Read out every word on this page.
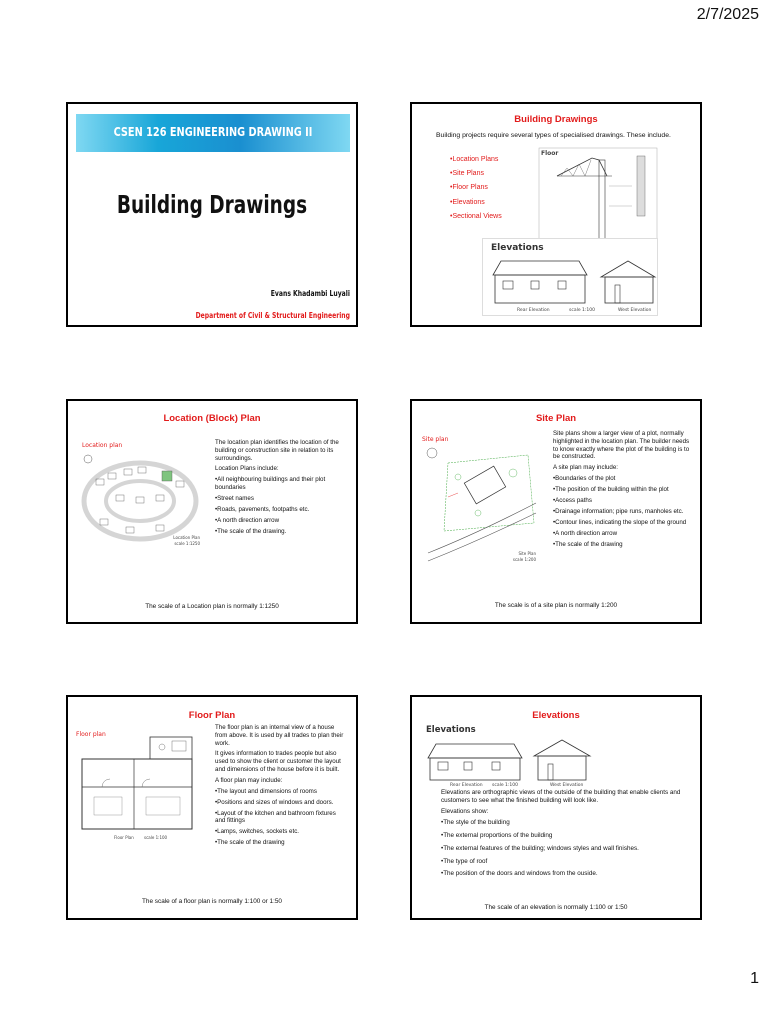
2/7/2025
CSEN 126 ENGINEERING DRAWING II
Building Drawings
Evans Khadambi Luyali
Department of Civil & Structural Engineering
Building Drawings
Building projects require several types of specialised drawings. These include.
•Location Plans
•Site Plans
•Floor Plans
•Elevations
•Sectional Views
Floor
Elevations
Rear Elevation	scale 1:100	West Elevation
Location (Block) Plan
Location plan
Location Plan
scale 1:1250

The location plan identifies the location of the building or construction site in relation to its surroundings.

Location Plans include:

•All neighbouring buildings and their plot boundaries

•Street names

•Roads, pavements, footpaths etc.

•A north direction arrow

•The scale of the drawing.

The scale of a Location plan is normally 1:1250
Site Plan
Site plan
Site Plan
scale 1:200

Site plans show a larger view of a plot, normally highlighted in the location plan. The builder needs to know exactly where the plot of the building is to be constructed.

A site plan may include:

•Boundaries of the plot

•The position of the building within the plot

•Access paths

•Drainage information; pipe runs, manholes etc.

•Contour lines, indicating the slope of the ground

•A north direction arrow

•The scale of the drawing

The scale is of a site plan is normally 1:200
Floor Plan
Floor plan
Floor Plan	scale 1:100

The floor plan is an internal view of a house from above. It is used by all trades to plan their work.

It gives information to trades people but also used to show the client or customer the layout and dimensions of the house before it is built.

A floor plan may include:

•The layout and dimensions of rooms

•Positions and sizes of windows and doors.

•Layout of the kitchen and bathroom fixtures and fittings

•Lamps, switches, sockets etc.

•The scale of the drawing

The scale of a floor plan is normally 1:100 or 1:50
Elevations
Elevations
Rear Elevation scale 1:100	West Elevation

Elevations are orthographic views of the outside of the building that enable clients and customers to see what the finished building will look like.

Elevations show:

•The style of the building

•The external proportions of the building

•The external features of the building; windows styles and wall finishes.

•The type of roof

•The position of the doors and windows from the ouside.

The scale of an elevation is normally 1:100 or 1:50
1
